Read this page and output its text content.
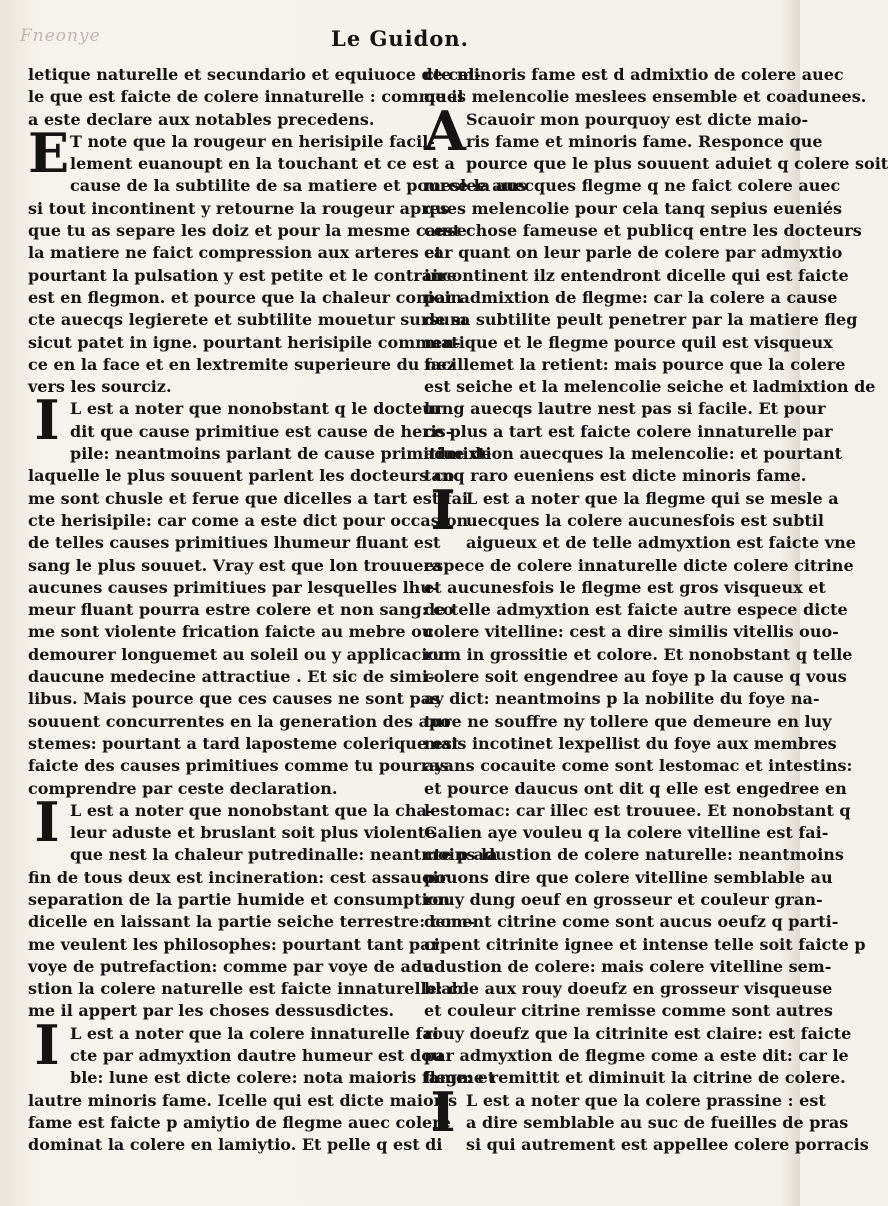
Fneonye	Le Guidon.
letique naturelle et secundario et equiuoce de cel-
le que est faicte de colere innaturelle : comme il
a este declare aux notables precedens.
E T note que la rougeur en herisipile facil-
lement euanoupt en la touchant et ce est a
cause de la subtilite de sa matiere et pource la aus
si tout incontinent y retourne la rougeur apres
que tu as separe les doiz et pour la mesme cause
la matiere ne faict compression aux arteres et
pourtant la pulsation y est petite et le contraire
est en flegmon. et pource que la chaleur conioin
cte auecqs legierete et subtilite mouetur sursum
sicut patet in igne. pourtant herisipile commen-
ce en la face et en lextremite superieure du nez
vers les sourciz.
I L est a noter que nonobstant q le docteur
dit que cause primitiue est cause de heris-
pile: neantmoins parlant de cause primitiue de
laquelle le plus souuent parlent les docteurs co
me sont chusle et ferue que dicelles a tart est fai
cte herisipile: car come a este dict pour occasion
de telles causes primitiues lhumeur fluant est
sang le plus souuet. Vray est que lon trouuera
aucunes causes primitiues par lesquelles lhu-
meur fluant pourra estre colere et non sang: co
me sont violente frication faicte au mebre ou
demourer longuemet au soleil ou y applicacion
daucune medecine attractiue . Et sic de simi-
libus. Mais pource que ces causes ne sont pas
souuent concurrentes en la generation des apo
stemes: pourtant a tard laposteme colerique est
faicte des causes primitiues comme tu pourras
comprendre par ceste declaration.
I L est a noter que nonobstant que la cha-
leur aduste et bruslant soit plus violente
que nest la chaleur putredinalle: neantmoins la
fin de tous deux est incineration: cest assauoir
separation de la partie humide et consumption
dicelle en laissant la partie seiche terrestre: com-
me veulent les philosophes: pourtant tant par
voye de putrefaction: comme par voye de adu
stion la colere naturelle est faicte innaturelle: co
me il appert par les choses dessusdictes.
I L est a noter que la colere innaturelle fai
cte par admyxtion dautre humeur est dou
ble: lune est dicte colere: nota maioris fame: et
lautre minoris fame. Icelle qui est dicte maioris
fame est faicte p amiytio de flegme auec colere
dominat la colere en lamiytio. Et pelle q est di
cte minoris fame est d admixtio de colere auec
ques melencolie meslees ensemble et coadunees.
A Scauoir mon pourquoy est dicte maio-
ris fame et minoris fame. Responce que
pource que le plus souuent aduiet q colere soit
meslee auecques flegme q ne faict colere auec
ques melencolie pour cela tanq sepius eueniés
cest chose fameuse et publicq entre les docteurs
car quant on leur parle de colere par admyxtio
incontinent ilz entendront dicelle qui est faicte
par admixtion de flegme: car la colere a cause
de sa subtilite peult penetrer par la matiere fleg
matique et le flegme pource quil est visqueux
facillemet la retient: mais pource que la colere
est seiche et la melencolie seiche et ladmixtion de
lung auecqs lautre nest pas si facile. Et pour
ce plus a tart est faicte colere innaturelle par
admixtion auecques la melencolie: et pourtant
tanq raro eueniens est dicte minoris fame.
I L est a noter que la flegme qui se mesle a
uecques la colere aucunesfois est subtil
aigueux et de telle admyxtion est faicte vne
espece de colere innaturelle dicte colere citrine
et aucunesfois le flegme est gros visqueux et
de telle admyxtion est faicte autre espece dicte
colere vitelline: cest a dire similis vitellis ouo-
rum in grossitie et colore. Et nonobstant q telle
colere soit engendree au foye p la cause q vous
ay dict: neantmoins p la nobilite du foye na-
ture ne souffre ny tollere que demeure en luy
mais incotinet lexpellist du foye aux membres
ayans cocauite come sont lestomac et intestins:
et pource daucus ont dit q elle est engedree en
lestomac: car illec est trouuee. Et nonobstant q
Galien aye vouleu q la colere vitelline est fai-
cte p adustion de colere naturelle: neantmoins
pouons dire que colere vitelline semblable au
rouy dung oeuf en grosseur et couleur gran-
dement citrine come sont aucus oeufz q parti-
cipent citrinite ignee et intense telle soit faicte p
adustion de colere: mais colere vitelline sem-
blable aux rouy doeufz en grosseur visqueuse
et couleur citrine remisse comme sont autres
rouy doeufz que la citrinite est claire: est faicte
par admyxtion de flegme come a este dit: car le
flegme remittit et diminuit la citrine de colere.
I L est a noter que la colere prassine : est
a dire semblable au suc de fueilles de pras
si qui autrement est appellee colere porracis
